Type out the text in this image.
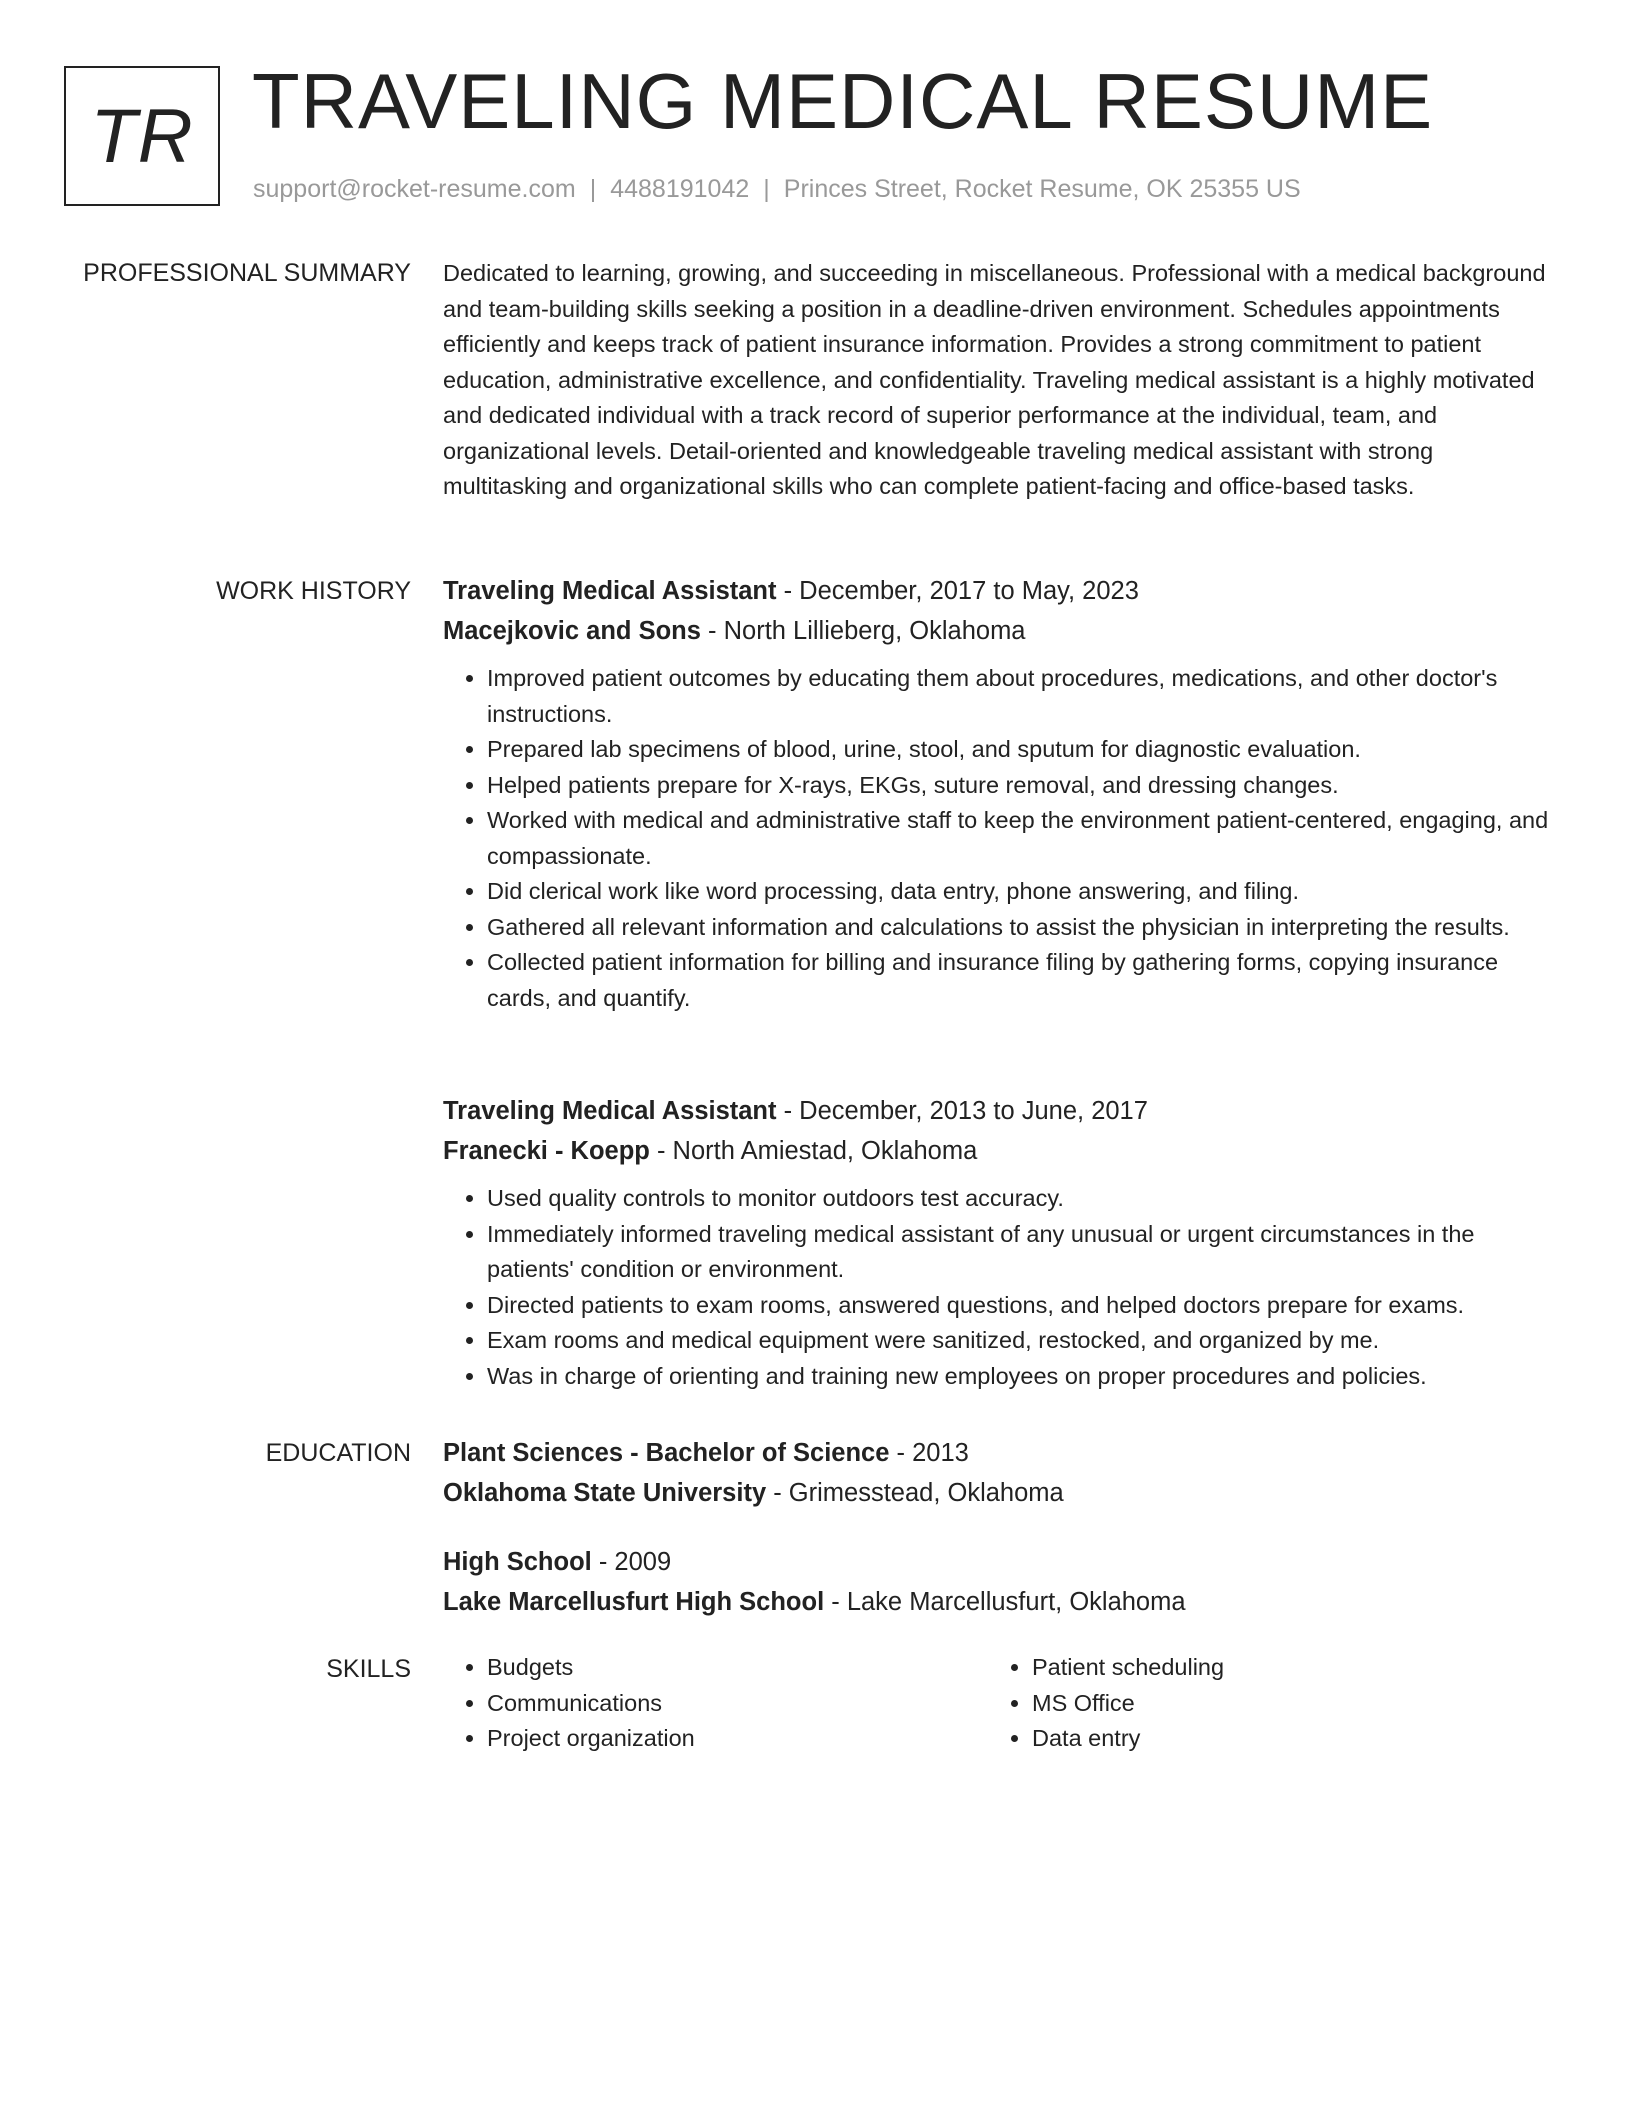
TR TRAVELING MEDICAL RESUME
support@rocket-resume.com | 4488191042 | Princes Street, Rocket Resume, OK 25355 US
PROFESSIONAL SUMMARY Dedicated to learning, growing, and succeeding in miscellaneous. Professional with a medical background and team-building skills seeking a position in a deadline-driven environment. Schedules appointments efficiently and keeps track of patient insurance information. Provides a strong commitment to patient education, administrative excellence, and confidentiality. Traveling medical assistant is a highly motivated and dedicated individual with a track record of superior performance at the individual, team, and organizational levels. Detail-oriented and knowledgeable traveling medical assistant with strong multitasking and organizational skills who can complete patient-facing and office-based tasks.

WORK HISTORY Traveling Medical Assistant - December, 2017 to May, 2023
Macejkovic and Sons - North Lillieberg, Oklahoma
• Improved patient outcomes by educating them about procedures, medications, and other doctor's instructions.
• Prepared lab specimens of blood, urine, stool, and sputum for diagnostic evaluation.
• Helped patients prepare for X-rays, EKGs, suture removal, and dressing changes.
• Worked with medical and administrative staff to keep the environment patient-centered, engaging, and compassionate.
• Did clerical work like word processing, data entry, phone answering, and filing.
• Gathered all relevant information and calculations to assist the physician in interpreting the results.
• Collected patient information for billing and insurance filing by gathering forms, copying insurance cards, and quantify.
Traveling Medical Assistant - December, 2013 to June, 2017
Franecki - Koepp - North Amiestad, Oklahoma
• Used quality controls to monitor outdoors test accuracy.
• Immediately informed traveling medical assistant of any unusual or urgent circumstances in the patients' condition or environment.
• Directed patients to exam rooms, answered questions, and helped doctors prepare for exams.
• Exam rooms and medical equipment were sanitized, restocked, and organized by me.
• Was in charge of orienting and training new employees on proper procedures and policies.
EDUCATION Plant Sciences - Bachelor of Science - 2013
Oklahoma State University - Grimesstead, Oklahoma
High School - 2009
Lake Marcellusfurt High School - Lake Marcellusfurt, Oklahoma
SKILLS
•	Budgets
• Communications
• Project organization
• Patient scheduling
• MS Office
• Data entry
